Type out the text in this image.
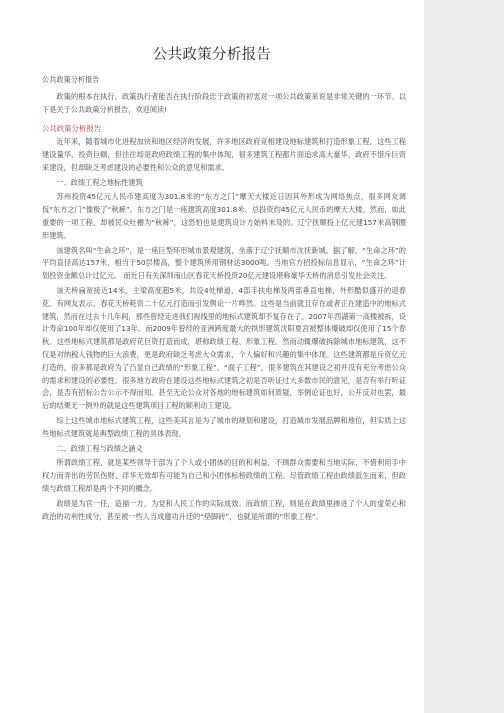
公共政策分析报告

公共政策分析报告

政策的根本在执行，政策执行者能否在执行阶段忠于政策的初衷对一项公共政策来说是非常关键的一环节。以下是关于公共政策分析报告，欢迎阅读!

公共政策分析报告

近年来，随着城市化进程加快和地区经济的发展，许多地区政府竞相建设地标建筑和打造形象工程，这些工程建设量华、投资巨额，但往往却是政府政绩工程的集中体现，很多建筑工程都片面追求高大豪华，政府不惜斥巨资来建设，但却缺乏考虑建设的必要性和公众的意见和需求。

一、政绩工程之地标性建筑

苏州投资45亿元人民币建高度为301.8米的“东方之门”摩天大楼近日因其外形成为网络焦点，很多网友调侃“东方之门”像极了“秋裤”。东方之门是一座建筑高度301.8米、总投资约45亿元人民币的摩天大楼。然而，如此重要的一项工程，却被民众吐槽为“秋裤”，这恐怕也是建筑设计方始料未及的。辽宁抚顺投上亿元建157米高钢圈形建筑。

该建筑名叫“生命之环”，是一座巨型环形城市景观建筑，坐落于辽宁抚顺市沈抚新城。据了解，“生命之环”的平均直径高达157米，相当于50层楼高，整个建筑所用钢材达3000吨。当地官方招投标信息显示，“生命之环”计划投资金额总计过亿元。 而近日有关深圳南山区春花天桥投资20亿元建设堪称豪华天桥的消息引发社会关注。

该天桥扁宽接近14米，主梁高度超5米，共设4处梯道、4部手扶电梯及两部垂直电梯，外形酷似盛开的迎春花。有网友表示，春花天桥耗资二十亿元打造而引发舆论一片哗然。这些是当前就且存在或者正在建造中的地标式建筑，然而在过去十几年间，那些曾经走进我们视线里的地标式建筑却不复存在了。2007年西湖第一高楼被拆，设计寿命100年却仅使用了13年。而2009年曾经的亚洲跨度最大的拱形建筑沈阳夏宫被整体爆破却仅使用了15个春秋。这些地标式建筑都是政府花巨资打造而成，堪称政绩工程、形象工程。然而动辄爆破拆除城市地标建筑，这不仅是对纳税人钱物的巨大浪费，更是政府缺乏考虑大众需求，个人偏好和兴趣的集中体现。这些建筑都是斥资亿元打造的，很多都是政府为了凸显自己政绩的“形象工程”，“面子工程”，很多建筑在其建设之初并没有充分考虑公众的需求和建设的必要性。很多地方政府在建设这些地标式建筑之初是否听证过大多数市民的意见，是否有举行听证会，是否有招标公告公示不得而知。甚至无论公众对各地的地标建筑如何质疑，举例论证也好，公开反对也罢，最后的结果无一例外的就是这些建筑项目工程的顺利动工建设。

综上这些城市地标式建筑工程，这些美其言是为了城市的规划和建设，打造城市发展品牌和地位，但实质上这些地标式建筑就是典型政绩工程的具体表现。

二、政绩工程与政绩之涵义

所谓政绩工程，就是某些领导干部为了个人或小团体的目的和利益，不顾群众需要和当地实际，不惜利用手中权力而弄出的劳民伤财、浮华无效却有可能为自己和小团体标榜政绩的工程。尽管政绩工程由政绩派生而来，但政绩与政绩工程却是两个不同的概念。

政绩是为官一任，造福一方，为党和人民工作的实际成效。而政绩工程，则是在政绩里掺进了个人的虚荣心和政治的功利性成分，甚至被一些人当成邀功升迁的“垫脚砖”，也就是所谓的“形象工程”。
